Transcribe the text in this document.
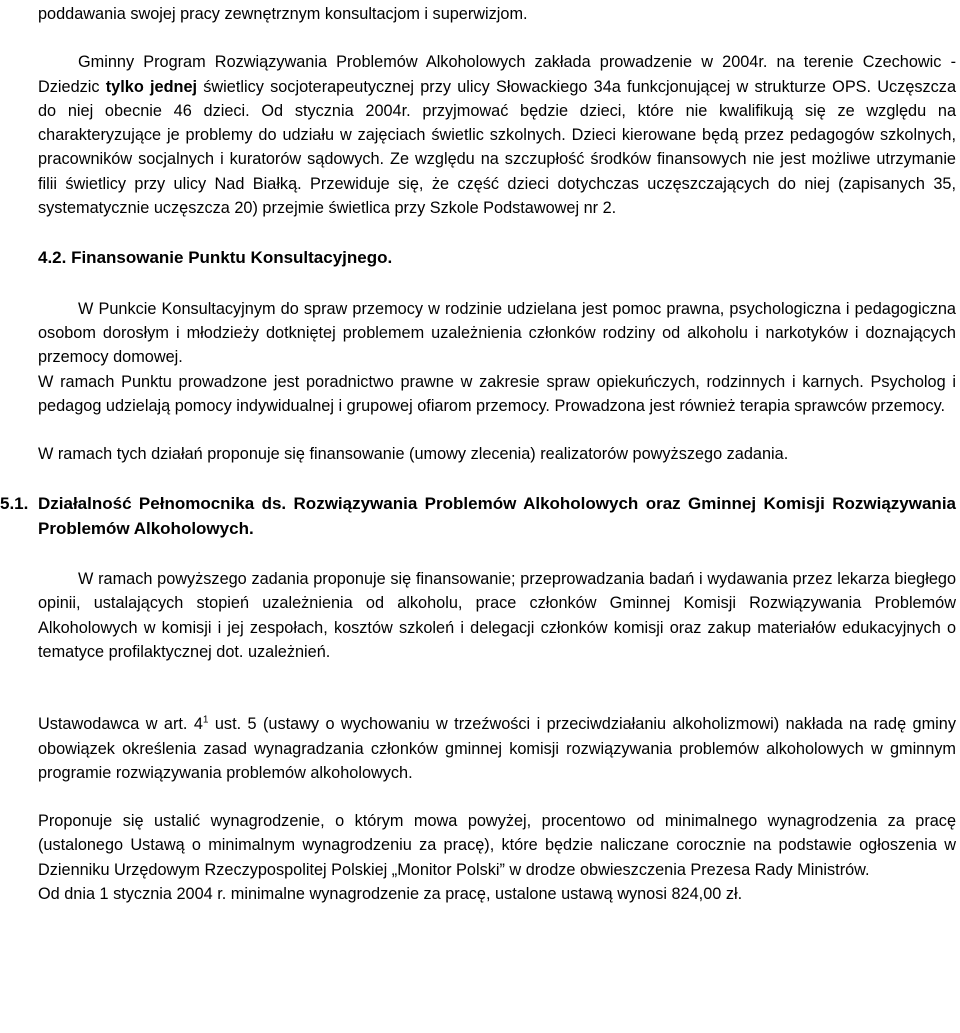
poddawania swojej pracy zewnętrznym konsultacjom i superwizjom.

Gminny Program Rozwiązywania Problemów Alkoholowych zakłada prowadzenie w 2004r. na terenie Czechowic - Dziedzic tylko jednej świetlicy socjoterapeutycznej przy ulicy Słowackiego 34a funkcjonującej w strukturze OPS. Uczęszcza do niej obecnie 46 dzieci. Od stycznia 2004r. przyjmować będzie dzieci, które nie kwalifikują się ze względu na charakteryzujące je problemy do udziału w zajęciach świetlic szkolnych. Dzieci kierowane będą przez pedagogów szkolnych, pracowników socjalnych i kuratorów sądowych. Ze względu na szczupłość środków finansowych nie jest możliwe utrzymanie filii świetlicy przy ulicy Nad Białką. Przewiduje się, że część dzieci dotychczas uczęszczających do niej (zapisanych 35, systematycznie uczęszcza 20) przejmie świetlica przy Szkole Podstawowej nr 2.

4.2. Finansowanie Punktu Konsultacyjnego.

W Punkcie Konsultacyjnym do spraw przemocy w rodzinie udzielana jest pomoc prawna, psychologiczna i pedagogiczna osobom dorosłym i młodzieży dotkniętej problemem uzależnienia członków rodziny od alkoholu i narkotyków i doznających przemocy domowej.

W ramach Punktu prowadzone jest poradnictwo prawne w zakresie spraw opiekuńczych, rodzinnych i karnych. Psycholog i pedagog udzielają pomocy indywidualnej i grupowej ofiarom przemocy. Prowadzona jest również terapia sprawców przemocy.

W ramach tych działań proponuje się finansowanie (umowy zlecenia) realizatorów powyższego zadania.

5.1. Działalność Pełnomocnika ds. Rozwiązywania Problemów Alkoholowych oraz Gminnej Komisji Rozwiązywania Problemów Alkoholowych.

W ramach powyższego zadania proponuje się finansowanie; przeprowadzania badań i wydawania przez lekarza biegłego opinii, ustalających stopień uzależnienia od alkoholu, prace członków Gminnej Komisji Rozwiązywania Problemów Alkoholowych w komisji i jej zespołach, kosztów szkoleń i delegacji członków komisji oraz zakup materiałów edukacyjnych o tematyce profilaktycznej dot. uzależnień.

Ustawodawca w art. $4^1$ ust. 5 (ustawy o wychowaniu w trzeźwości i przeciwdziałaniu alkoholizmowi) nakłada na radę gminy obowiązek określenia zasad wynagradzania członków gminnej komisji rozwiązywania problemów alkoholowych w gminnym programie rozwiązywania problemów alkoholowych.

Proponuje się ustalić wynagrodzenie, o którym mowa powyżej, procentowo od minimalnego wynagrodzenia za pracę (ustalonego Ustawą o minimalnym wynagrodzeniu za pracę), które będzie naliczane corocznie na podstawie ogłoszenia w Dzienniku Urzędowym Rzeczypospolitej Polskiej „Monitor Polski” w drodze obwieszczenia Prezesa Rady Ministrów.

Od dnia 1 stycznia 2004 r. minimalne wynagrodzenie za pracę, ustalone ustawą wynosi 824,00 zł.
